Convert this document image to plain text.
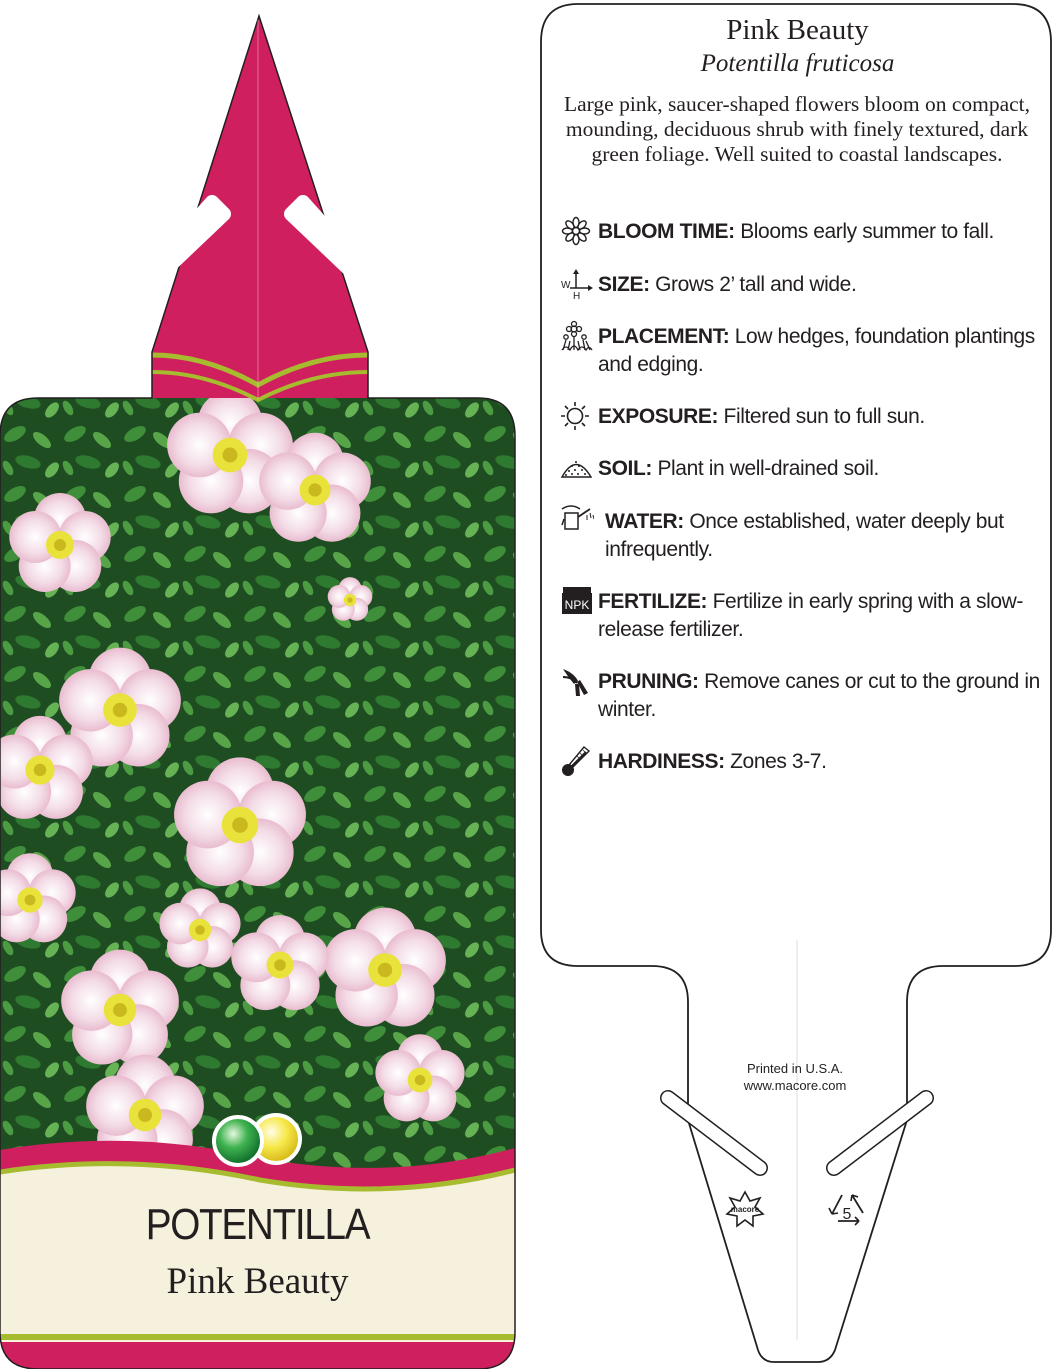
POTENTILLA
Pink Beauty
macore	5
Pink Beauty
Potentilla fruticosa
Large pink, saucer-shaped flowers bloom on compact, mounding, deciduous shrub with finely textured, dark green foliage. Well suited to coastal landscapes.
BLOOM TIME: Blooms early summer to fall.
W
H
SIZE: Grows 2’ tall and wide.
PLACEMENT: Low hedges, foundation plantings and edging.
EXPOSURE: Filtered sun to full sun.
SOIL: Plant in well-drained soil.
WATER: Once established, water deeply but infrequently.
NPK FERTILIZE: Fertilize in early spring with a slow-release fertilizer.
PRUNING: Remove canes or cut to the ground in winter.
HARDINESS: Zones 3-7.
Printed in U.S.A.
www.macore.com
